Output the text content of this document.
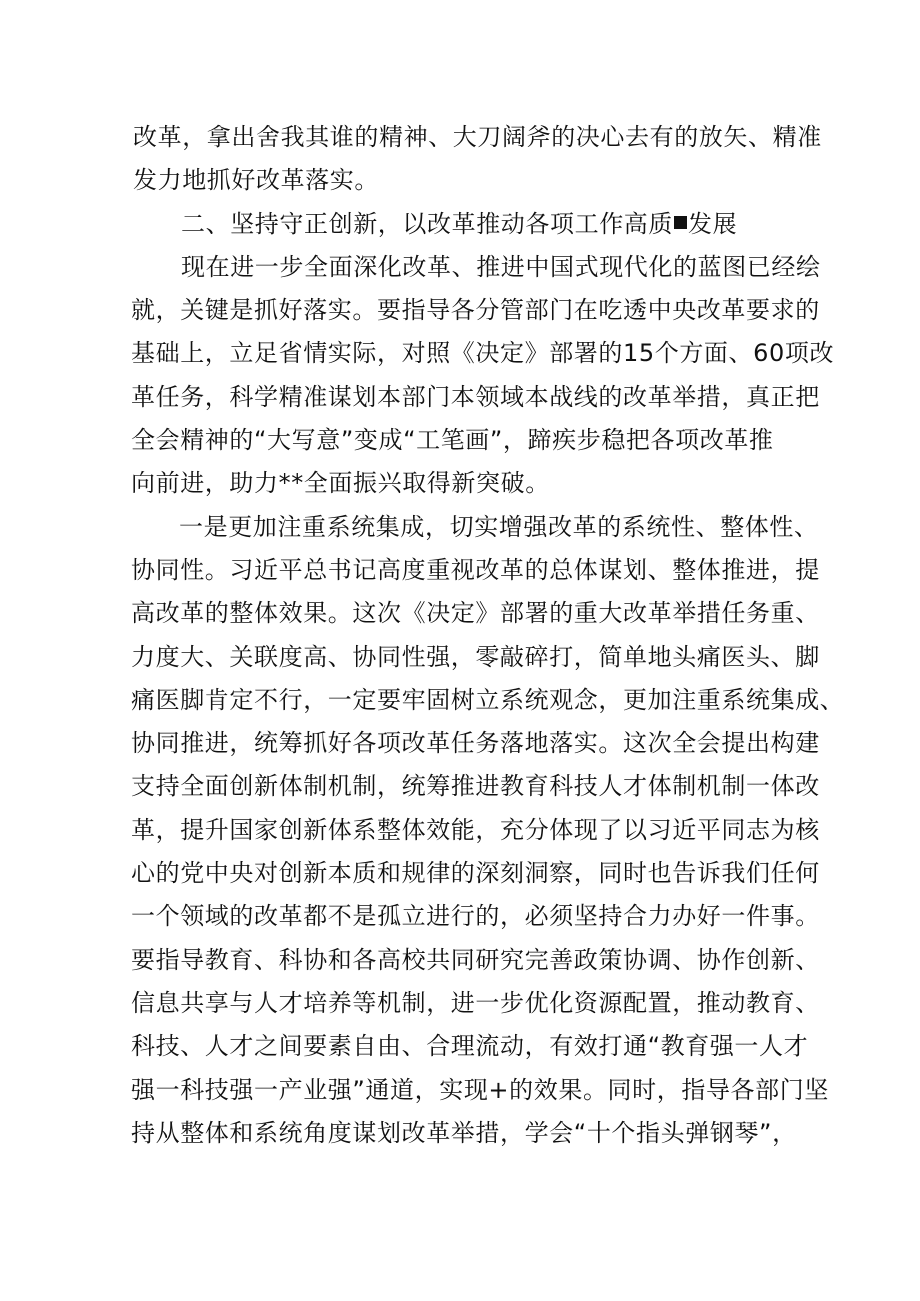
改革，拿出舍我其谁的精神、大刀阔斧的决心去有的放矢、精准
发力地抓好改革落实。
二、坚持守正创新，以改革推动各项工作高质 发展
现在进一步全面深化改革、推进中国式现代化的蓝图已经绘
就，关键是抓好落实。要指导各分管部门在吃透中央改革要求的
基础上，立足省情实际，对照《决定》部署的15个方面、60项改
革任务，科学精准谋划本部门本领域本战线的改革举措，真正把
全会精神的“大写意”变成“工笔画”，蹄疾步稳把各项改革推
向前进，助力**全面振兴取得新突破。
一是更加注重系统集成，切实增强改革的系统性、整体性、
协同性。习近平总书记高度重视改革的总体谋划、整体推进，提
高改革的整体效果。这次《决定》部署的重大改革举措任务重、
力度大、关联度高、协同性强，零敲碎打，简单地头痛医头、脚
痛医脚肯定不行，一定要牢固树立系统观念，更加注重系统集成、
协同推进，统筹抓好各项改革任务落地落实。这次全会提出构建
支持全面创新体制机制，统筹推进教育科技人才体制机制一体改
革，提升国家创新体系整体效能，充分体现了以习近平同志为核
心的党中央对创新本质和规律的深刻洞察，同时也告诉我们任何
一个领域的改革都不是孤立进行的，必须坚持合力办好一件事。
要指导教育、科协和各高校共同研究完善政策协调、协作创新、
信息共享与人才培养等机制，进一步优化资源配置，推动教育、
科技、人才之间要素自由、合理流动，有效打通“教育强一人才
强一科技强一产业强”通道，实现+的效果。同时，指导各部门坚
持从整体和系统角度谋划改革举措，学会“十个指头弹钢琴”，
